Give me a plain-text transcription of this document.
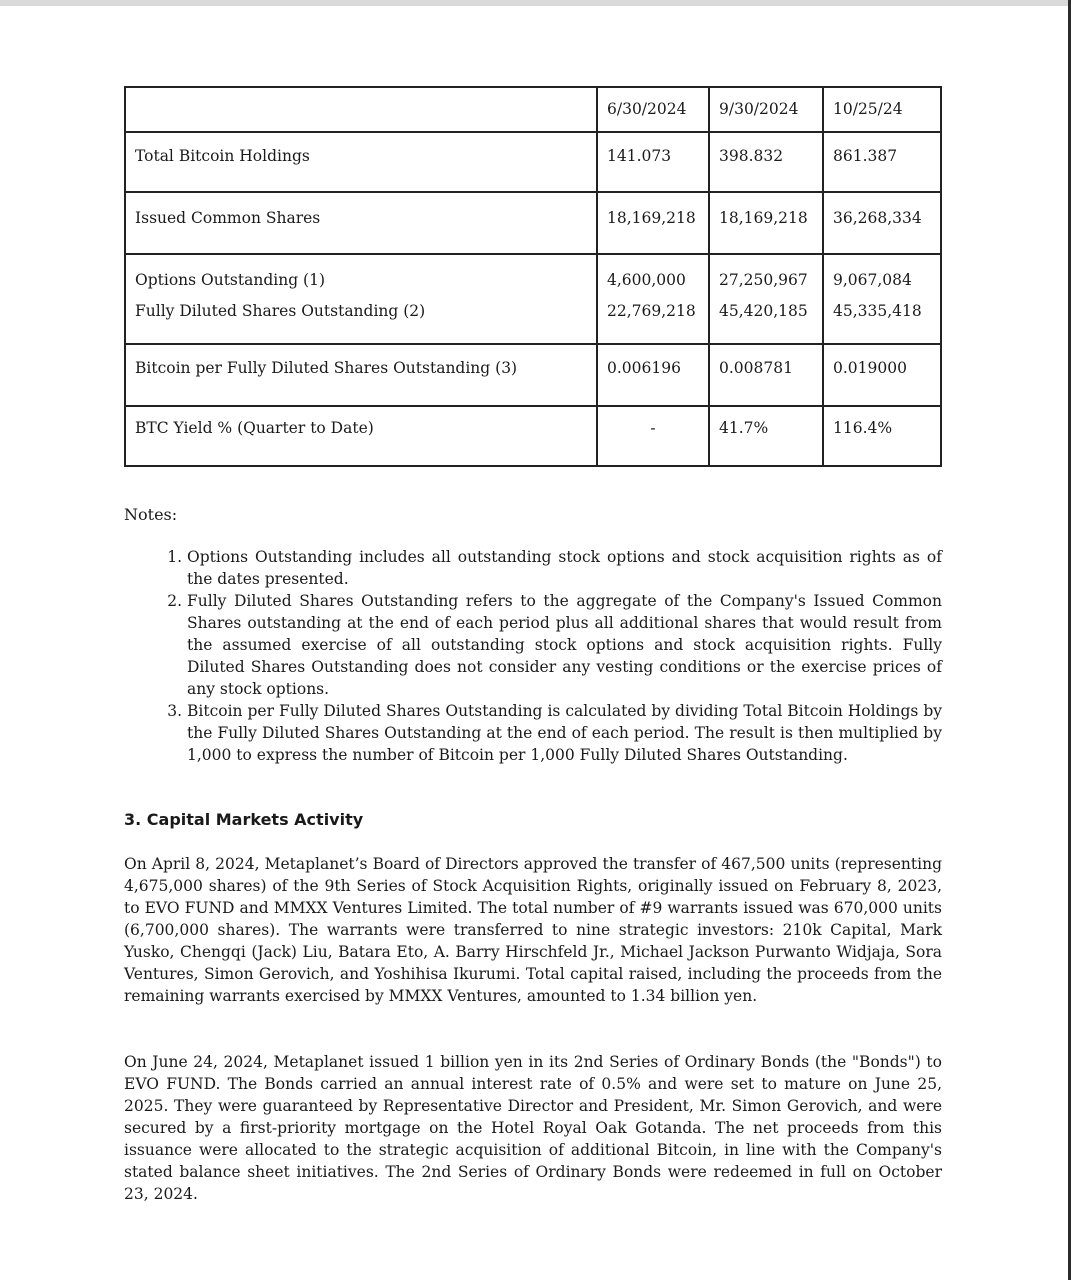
	6/30/2024	9/30/2024	10/25/24

Total Bitcoin Holdings	141.073	398.832	861.387

Issued Common Shares	18,169,218	18,169,218	36,268,334

Options Outstanding (1)	4,600,000	27,250,967	9,067,084

Fully Diluted Shares Outstanding (2)	22,769,218	45,420,185	45,335,418

Bitcoin per Fully Diluted Shares Outstanding (3)	0.006196	0.008781	0.019000

BTC Yield % (Quarter to Date)	-	41.7%	116.4%
Notes:
1. Options Outstanding includes all outstanding stock options and stock acquisition rights as of the dates presented.
2. Fully Diluted Shares Outstanding refers to the aggregate of the Company's Issued Common Shares outstanding at the end of each period plus all additional shares that would result from the assumed exercise of all outstanding stock options and stock acquisition rights. Fully Diluted Shares Outstanding does not consider any vesting conditions or the exercise prices of any stock options.
3. Bitcoin per Fully Diluted Shares Outstanding is calculated by dividing Total Bitcoin Holdings by the Fully Diluted Shares Outstanding at the end of each period. The result is then multiplied by 1,000 to express the number of Bitcoin per 1,000 Fully Diluted Shares Outstanding.
3. Capital Markets Activity

On April 8, 2024, Metaplanet’s Board of Directors approved the transfer of 467,500 units (representing 4,675,000 shares) of the 9th Series of Stock Acquisition Rights, originally issued on February 8, 2023, to EVO FUND and MMXX Ventures Limited. The total number of #9 warrants issued was 670,000 units (6,700,000 shares). The warrants were transferred to nine strategic investors: 210k Capital, Mark Yusko, Chengqi (Jack) Liu, Batara Eto, A. Barry Hirschfeld Jr., Michael Jackson Purwanto Widjaja, Sora Ventures, Simon Gerovich, and Yoshihisa Ikurumi. Total capital raised, including the proceeds from the remaining warrants exercised by MMXX Ventures, amounted to 1.34 billion yen.

On June 24, 2024, Metaplanet issued 1 billion yen in its 2nd Series of Ordinary Bonds (the "Bonds") to EVO FUND. The Bonds carried an annual interest rate of 0.5% and were set to mature on June 25, 2025. They were guaranteed by Representative Director and President, Mr. Simon Gerovich, and were secured by a first-priority mortgage on the Hotel Royal Oak Gotanda. The net proceeds from this issuance were allocated to the strategic acquisition of additional Bitcoin, in line with the Company's stated balance sheet initiatives. The 2nd Series of Ordinary Bonds were redeemed in full on October 23, 2024.
